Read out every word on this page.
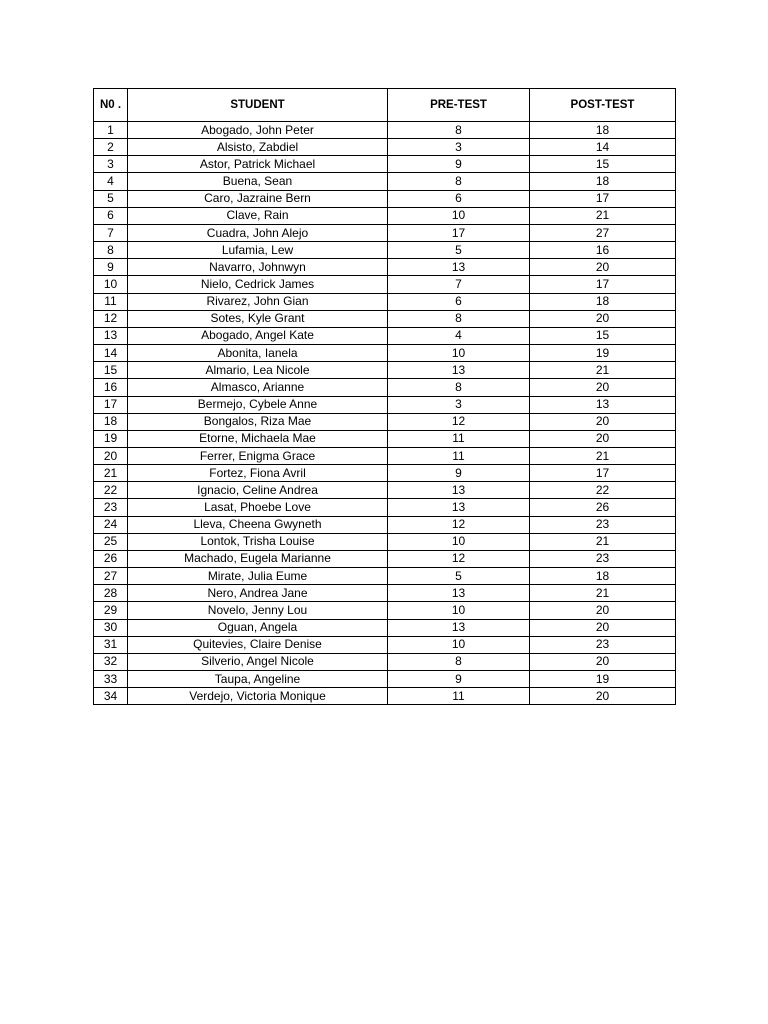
N0 .	STUDENT	PRE-TEST	POST-TEST
1	Abogado, John Peter	8	18
2	Alsisto, Zabdiel	3	14
3	Astor, Patrick Michael	9	15
4	Buena, Sean	8	18
5	Caro, Jazraine Bern	6	17
6	Clave, Rain	10	21
7	Cuadra, John Alejo	17	27
8	Lufamia, Lew	5	16
9	Navarro, Johnwyn	13	20
10	Nielo, Cedrick James	7	17
11	Rivarez, John Gian	6	18
12	Sotes, Kyle Grant	8	20
13	Abogado, Angel Kate	4	15
14	Abonita, Ianela	10	19
15	Almario, Lea Nicole	13	21
16	Almasco, Arianne	8	20
17	Bermejo, Cybele Anne	3	13
18	Bongalos, Riza Mae	12	20
19	Etorne, Michaela Mae	11	20
20	Ferrer, Enigma Grace	11	21
21	Fortez, Fiona Avril	9	17
22	Ignacio, Celine Andrea	13	22
23	Lasat, Phoebe Love	13	26
24	Lleva, Cheena Gwyneth	12	23
25	Lontok, Trisha Louise	10	21
26	Machado, Eugela Marianne	12	23
27	Mirate, Julia Eume	5	18
28	Nero, Andrea Jane	13	21
29	Novelo, Jenny Lou	10	20
30	Oguan, Angela	13	20
31	Quitevies, Claire Denise	10	23
32	Silverio, Angel Nicole	8	20
33	Taupa, Angeline	9	19
34	Verdejo, Victoria Monique	11	20
